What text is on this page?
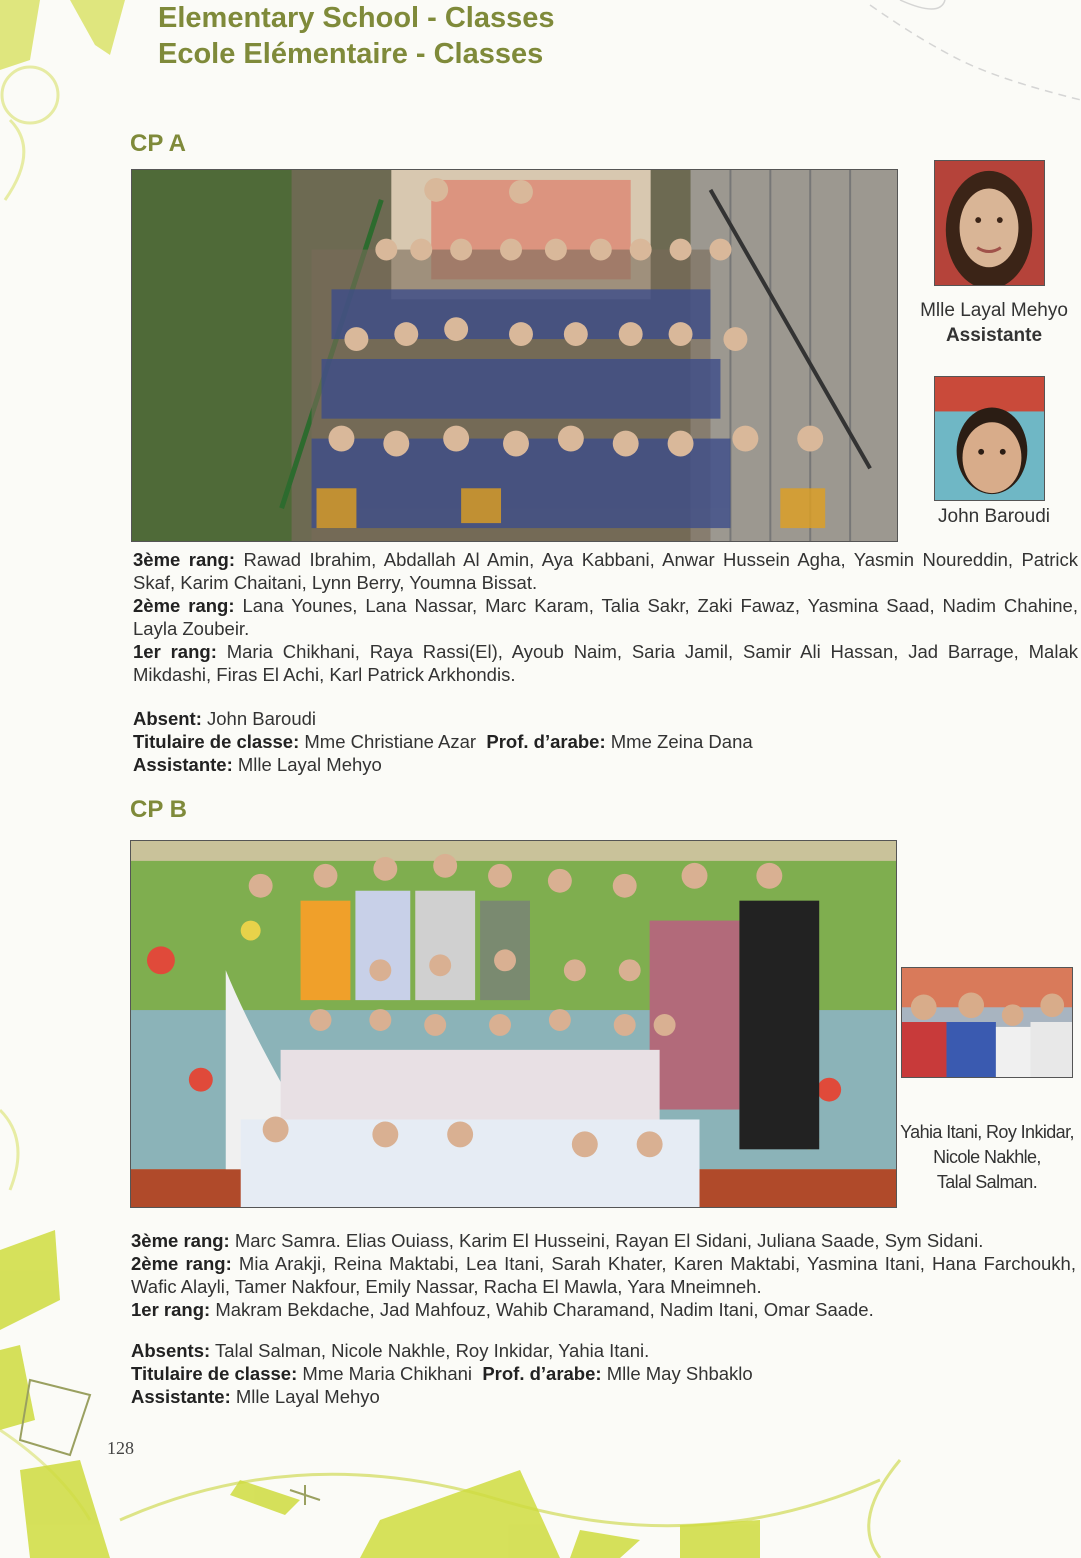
Elementary School - Classes
Ecole Elémentaire - Classes
CP A
Mlle Layal Mehyo
Assistante
John Baroudi

3ème rang: Rawad Ibrahim, Abdallah Al Amin, Aya Kabbani, Anwar Hussein Agha, Yasmin Noureddin, Patrick Skaf, Karim Chaitani, Lynn Berry, Youmna Bissat.

2ème rang: Lana Younes, Lana Nassar, Marc Karam, Talia Sakr, Zaki Fawaz, Yasmina Saad, Nadim Chahine, Layla Zoubeir.

1er rang: Maria Chikhani, Raya Rassi(El), Ayoub Naim, Saria Jamil, Samir Ali Hassan, Jad Barrage, Malak Mikdashi, Firas El Achi, Karl Patrick Arkhondis.

Absent: John Baroudi

Titulaire de classe: Mme Christiane Azar Prof. d’arabe: Mme Zeina Dana

Assistante: Mlle Layal Mehyo

CP B
Yahia Itani, Roy Inkidar,
Nicole Nakhle,
Talal Salman.

3ème rang: Marc Samra. Elias Ouiass, Karim El Husseini, Rayan El Sidani, Juliana Saade, Sym Sidani.

2ème rang: Mia Arakji, Reina Maktabi, Lea Itani, Sarah Khater, Karen Maktabi, Yasmina Itani, Hana Farchoukh, Wafic Alayli, Tamer Nakfour, Emily Nassar, Racha El Mawla, Yara Mneimneh.

1er rang: Makram Bekdache, Jad Mahfouz, Wahib Charamand, Nadim Itani, Omar Saade.

Absents: Talal Salman, Nicole Nakhle, Roy Inkidar, Yahia Itani.

Titulaire de classe: Mme Maria Chikhani Prof. d’arabe: Mlle May Shbaklo

Assistante: Mlle Layal Mehyo

128
